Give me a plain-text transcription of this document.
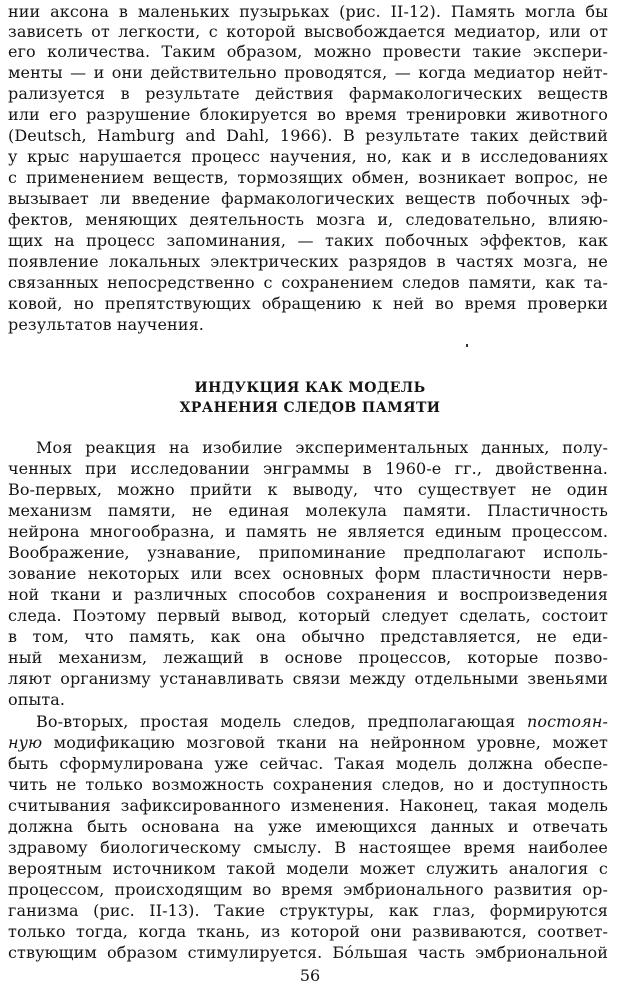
нии аксона в маленьких пузырьках (рис. II-12). Память могла бы
зависеть от легкости, с которой высвобождается медиатор, или от
его количества. Таким образом, можно провести такие экспери-
менты — и они действительно проводятся, — когда медиатор нейт-
рализуется в результате действия фармакологических веществ
или его разрушение блокируется во время тренировки животного
(Deutsch, Hamburg and Dahl, 1966). В результате таких действий
у крыс нарушается процесс научения, но, как и в исследованиях
с применением веществ, тормозящих обмен, возникает вопрос, не
вызывает ли введение фармакологических веществ побочных эф-
фектов, меняющих деятельность мозга и, следовательно, влияю-
щих на процесс запоминания, — таких побочных эффектов, как
появление локальных электрических разрядов в частях мозга, не
связанных непосредственно с сохранением следов памяти, как та-
ковой, но препятствующих обращению к ней во время проверки
результатов научения.
ИНДУКЦИЯ КАК МОДЕЛЬ
ХРАНЕНИЯ СЛЕДОВ ПАМЯТИ
Моя реакция на изобилие экспериментальных данных, полу-
ченных при исследовании энграммы в 1960-е гг., двойственна.
Во-первых, можно прийти к выводу, что существует не один
механизм памяти, не единая молекула памяти. Пластичность
нейрона многообразна, и память не является единым процессом.
Воображение, узнавание, припоминание предполагают исполь-
зование некоторых или всех основных форм пластичности нерв-
ной ткани и различных способов сохранения и воспроизведения
следа. Поэтому первый вывод, который следует сделать, состоит
в том, что память, как она обычно представляется, не еди-
ный механизм, лежащий в основе процессов, которые позво-
ляют организму устанавливать связи между отдельными звеньями
опыта.
Во-вторых, простая модель следов, предполагающая постоян-
ную модификацию мозговой ткани на нейронном уровне, может
быть сформулирована уже сейчас. Такая модель должна обеспе-
чить не только возможность сохранения следов, но и доступность
считывания зафиксированного изменения. Наконец, такая модель
должна быть основана на уже имеющихся данных и отвечать
здравому биологическому смыслу. В настоящее время наиболее
вероятным источником такой модели может служить аналогия с
процессом, происходящим во время эмбрионального развития ор-
ганизма (рис. II-13). Такие структуры, как глаз, формируются
только тогда, когда ткань, из которой они развиваются, соответ-
ствующим образом стимулируется. Бóльшая часть эмбриональной
56
